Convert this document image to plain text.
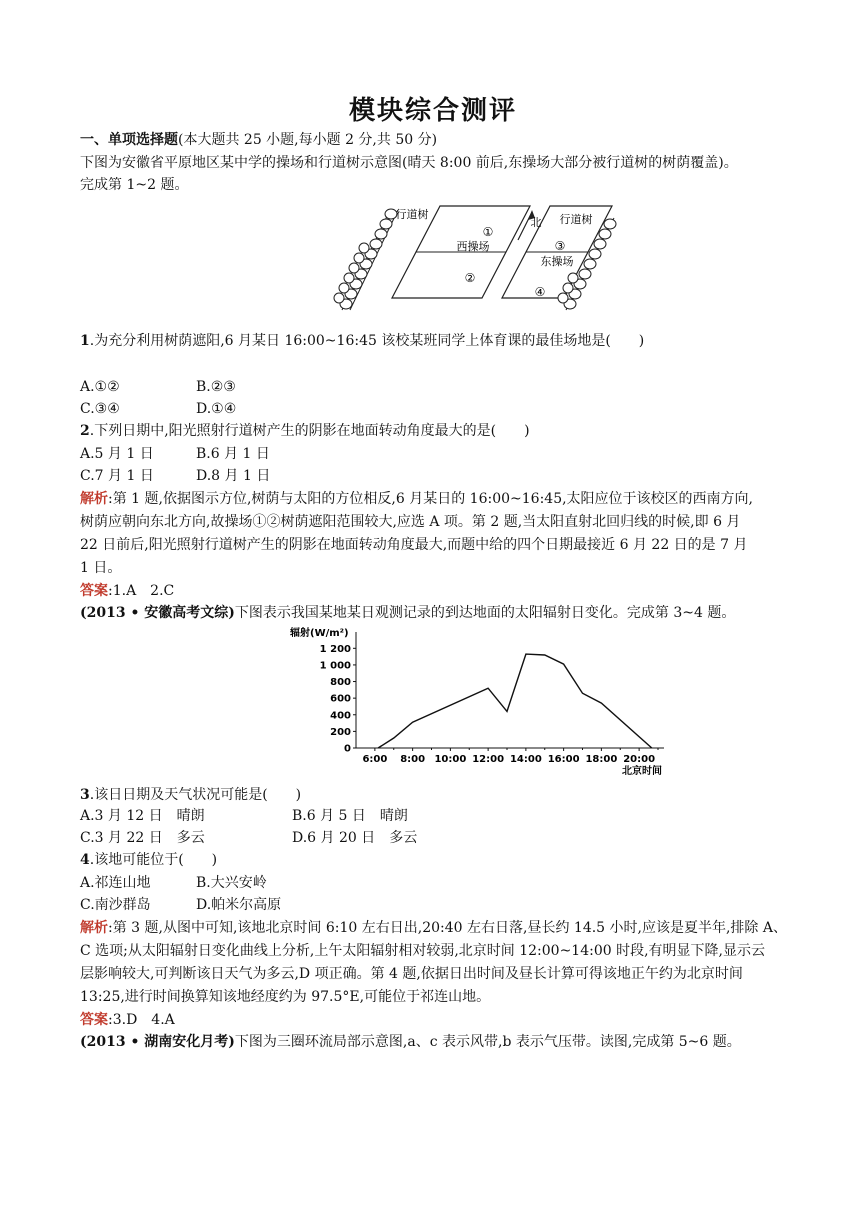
模块综合测评
一、单项选择题(本大题共 25 小题,每小题 2 分,共 50 分)
下图为安徽省平原地区某中学的操场和行道树示意图(晴天 8:00 前后,东操场大部分被行道树的树荫覆盖)。
完成第 1~2 题。
行道树	行道树
北
西操场
东操场
①
②
③
④
1.为充分利用树荫遮阳,6 月某日 16:00~16:45 该校某班同学上体育课的最佳场地是(　　)
A.①②	B.②③
C.③④	D.①④
2.下列日期中,阳光照射行道树产生的阴影在地面转动角度最大的是(　　)
A.5 月 1 日	B.6 月 1 日
C.7 月 1 日	D.8 月 1 日
解析:第 1 题,依据图示方位,树荫与太阳的方位相反,6 月某日的 16:00~16:45,太阳应位于该校区的西南方向,
树荫应朝向东北方向,故操场①②树荫遮阳范围较大,应选 A 项。第 2 题,当太阳直射北回归线的时候,即 6 月
22 日前后,阳光照射行道树产生的阴影在地面转动角度最大,而题中给的四个日期最接近 6 月 22 日的是 7 月
1 日。
答案:1.A　2.C
(2013 • 安徽高考文综)下图表示我国某地某日观测记录的到达地面的太阳辐射日变化。完成第 3~4 题。
辐射(W/m²)
北京时间
0
200
400
600
800
1 000
1 200
6:00 8:00 10:00 12:00 14:00 16:00 18:00 20:00
3.该日日期及天气状况可能是(　　)
A.3 月 12 日　晴朗	B.6 月 5 日　晴朗
C.3 月 22 日　多云	D.6 月 20 日　多云
4.该地可能位于(　　)
A.祁连山地	B.大兴安岭
C.南沙群岛	D.帕米尔高原
解析:第 3 题,从图中可知,该地北京时间 6:10 左右日出,20:40 左右日落,昼长约 14.5 小时,应该是夏半年,排除 A、
C 选项;从太阳辐射日变化曲线上分析,上午太阳辐射相对较弱,北京时间 12:00~14:00 时段,有明显下降,显示云
层影响较大,可判断该日天气为多云,D 项正确。第 4 题,依据日出时间及昼长计算可得该地正午约为北京时间
13:25,进行时间换算知该地经度约为 97.5°E,可能位于祁连山地。
答案:3.D　4.A
(2013 • 湖南安化月考)下图为三圈环流局部示意图,a、c 表示风带,b 表示气压带。读图,完成第 5~6 题。
